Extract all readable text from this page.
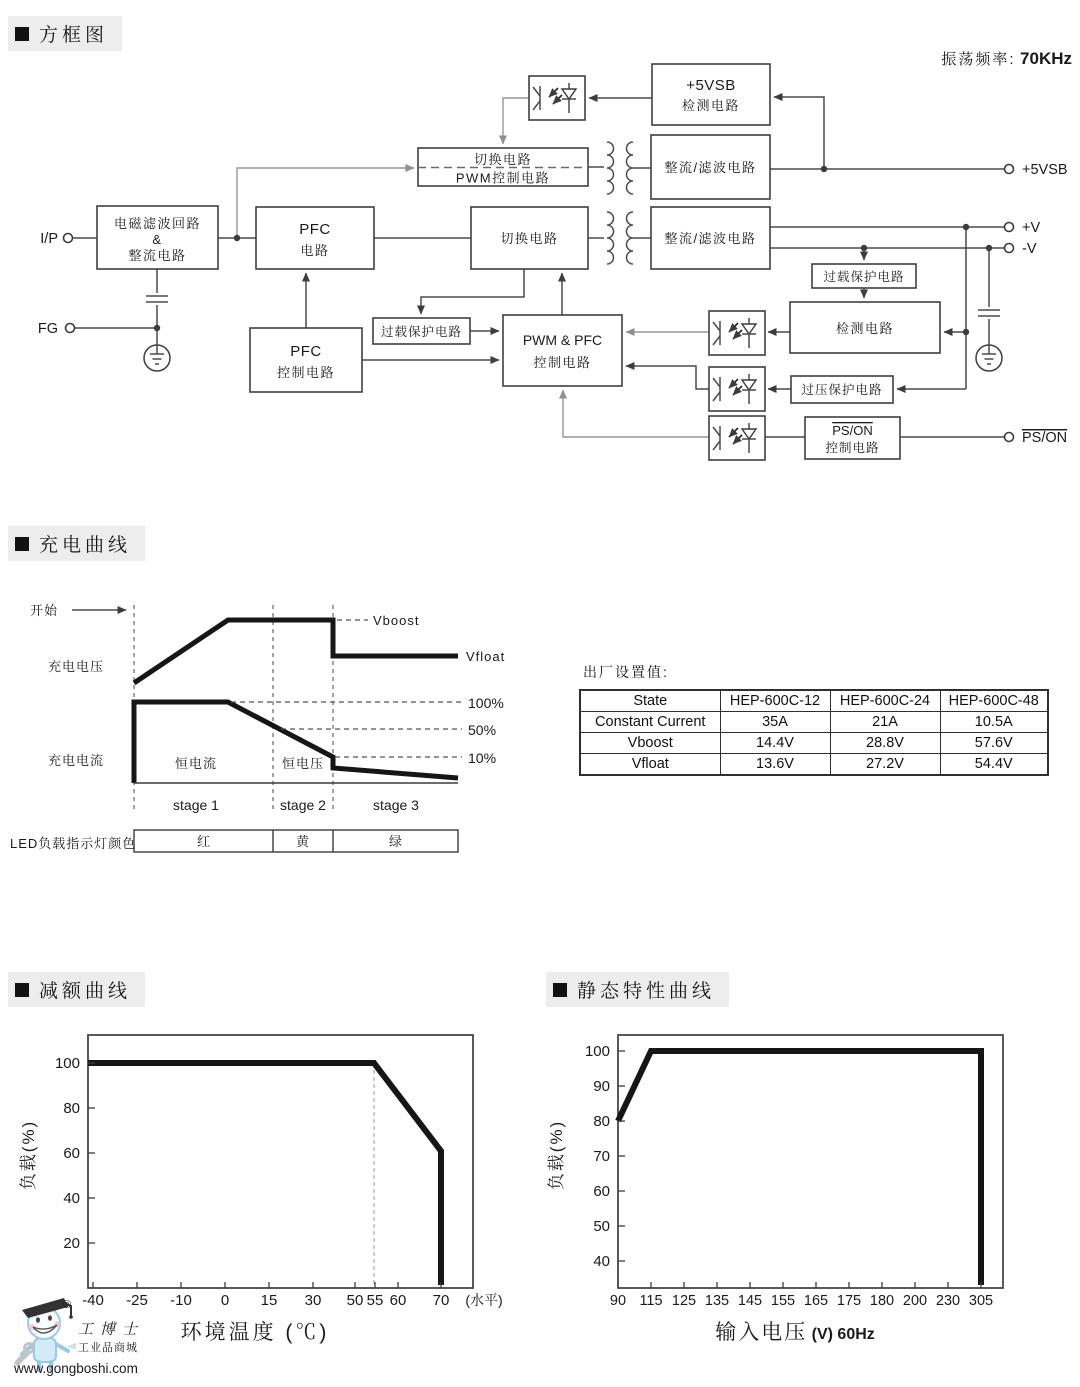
方框图
充电曲线
减额曲线	静态特性曲线
振荡频率: 70KHz
电磁滤波回路
&
整流电路
PFC
电路
切换电路
PWM控制电路
切换电路
+5VSB
检测电路
整流/滤波电路
整流/滤波电路
过载保护电路
检测电路
PFC
控制电路
过载保护电路	PWM & PFC
控制电路
过压保护电路
PS/ON
控制电路
I/P
FG
+5VSB
+V
-V
PS/ON
开始
Vboost
Vfloat
100%
50%
10%
充电电压
充电电流	恒电流	恒电压
stage 1	stage 2	stage 3
红	黄	绿
LED负载指示灯颜色
出厂设置值:
State	HEP-600C-12	HEP-600C-24	HEP-600C-48
Constant Current	35A	21A	10.5A
Vboost	14.4V	28.8V	57.6V
Vfloat	13.6V	27.2V	54.4V
100
80
60
40
20
-40 -25 -10 0 15 30 50 55 60 70 (水平)
负载(%)
环境温度 (℃)
100
90
80
70
60
50
40
90 115 125 135 145 155 165 175 180 200 230 305
负载(%)
输入电压 (V) 60Hz
®
工博士
工业品商城
www.gongboshi.com
